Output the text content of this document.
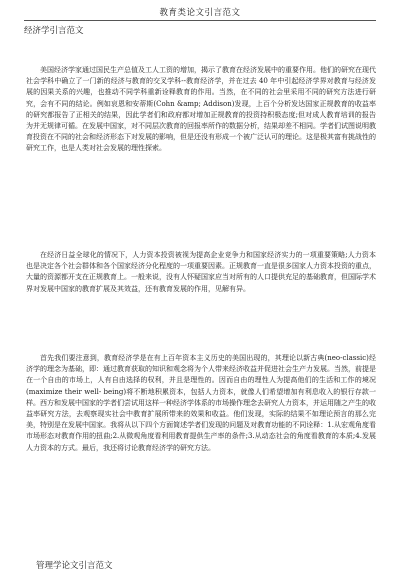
教育类论文引言范文
经济学引言范文

美国经济学家通过国民生产总值及工人工资的增加，揭示了教育在经济发展中的重要作用。他们的研究在现代社会学科中确立了一门新的经济与教育的交叉学科--教育经济学，并在过去 40 年中引起经济学界对教育与经济发展的因果关系的兴趣，也推动不同学科重新诠释教育的作用。当然，在不同的社会里采用不同的研究方法进行研究，会有不同的结论。例如哀恩和安蒂斯(Cohn &amp; Addison)发现，上百个分析发达国家正规教育的收益率的研究都报告了正相关的结果，因此学者们和政府都对增加正规教育的投资持积极态度;但对成人教育培训的报告为并无规律可循。在发展中国家，对不同层次教育的回报率所作的数据分析，结果却差不相同。学者们试图说明教育投资在不同的社会和经济形态下对发展的影响，但是还没有形成一个被广泛认可的理论。这是极其富有挑战性的研究工作，也是人类对社会发展的理性探索。

在经济日益全球化的情况下，人力资本投资被视为提高企业竞争力和国家经济实力的一项重要策略;人力资本也是决定各个社会群体和各个国家经济分化程度的一项重要因素。正规教育一直是很多国家人力资本投资的重点，大量的资源都开支在正规教育上。一般来说，没有人怀疑国家应当对所有的人口提供充足的基础教育，但国际学术界对发展中国家的教育扩展及其效益，还有教育发展的作用，见解有异。

首先我们要注意到，教育经济学是在有上百年资本主义历史的美国出现的，其理论以新古典(neo-classic)经济学的理念为基础，即：通过教育获取的知识和观念将为个人带来经济收益并促进社会生产力发展。当然，前提是在一个自由的市场上，人有自由选择的权利，并且是理性的。因而自由的理性人为提高他们的生活和工作的境况(maximize their well- being)将不断地积累资本，包括人力资本，就像人们希望增加有利息收入的银行存款一样。西方和发展中国家的学者们尝试用这样一种经济学体系的市场操作理念去研究人力资本，并运用随之产生的收益率研究方法，去观察现实社会中教育扩展所带来的效果和收益。他们发现，实际的结果不如理论预言的那么完美，特别是在发展中国家。我将从以下四个方面简述学者们发现的问题及对教育功能的不同诠释：1.从宏观角度看市场形态对教育作用的扭曲;2.从微观角度看利用教育提供生产率的条件;3.从动态社会的角度看教育的本质;4.发展人力资本的方式。最后，我还将讨论教育经济学的研究方法。

管理学论文引言范文
